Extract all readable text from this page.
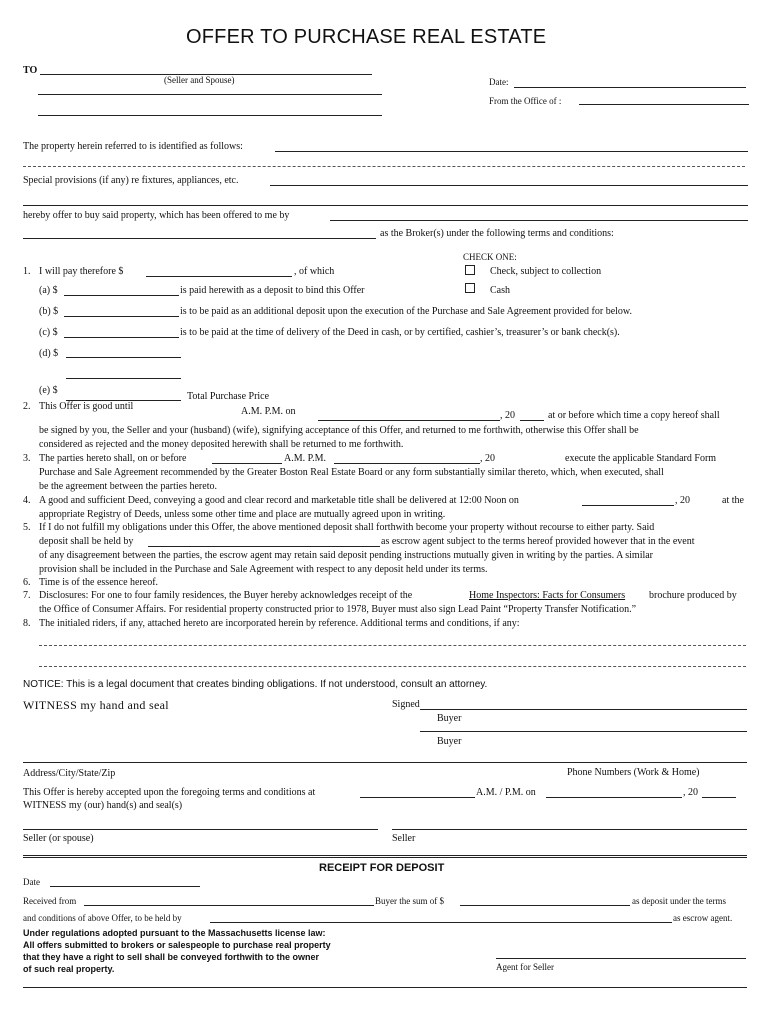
OFFER TO PURCHASE REAL ESTATE
TO
(Seller and Spouse)	Date:
From the Office of :
The property herein referred to is identified as follows:
Special provisions (if any) re fixtures, appliances, etc.
hereby offer to buy said property, which has been offered to me by
as the Broker(s) under the following terms and conditions:
CHECK ONE:
Check, subject to collection
Cash
1. I will pay therefore $	, of which
(a) $	is paid herewith as a deposit to bind this Offer
(b) $	is to be paid as an additional deposit upon the execution of the Purchase and Sale Agreement provided for below.
(c) $	is to be paid at the time of delivery of the Deed in cash, or by certified, cashier’s, treasurer’s or bank check(s).
(d) $
(e) $
Total Purchase Price
2. This Offer is good until	A.M. P.M. on	, 20	at or before which time a copy hereof shall
be signed by you, the Seller and your (husband) (wife), signifying acceptance of this Offer, and returned to me forthwith, otherwise this Offer shall be
considered as rejected and the money deposited herewith shall be returned to me forthwith.
3. The parties hereto shall, on or before	A.M. P.M.	, 20	execute the applicable Standard Form
Purchase and Sale Agreement recommended by the Greater Boston Real Estate Board or any form substantially similar thereto, which, when executed, shall
be the agreement between the parties hereto.
4. A good and sufficient Deed, conveying a good and clear record and marketable title shall be delivered at 12:00 Noon on	, 20	at the
appropriate Registry of Deeds, unless some other time and place are mutually agreed upon in writing.
5. If I do not fulfill my obligations under this Offer, the above mentioned deposit shall forthwith become your property without recourse to either party. Said
deposit shall be held by	as escrow agent subject to the terms hereof provided however that in the event
of any disagreement between the parties, the escrow agent may retain said deposit pending instructions mutually given in writing by the parties. A similar
provision shall be included in the Purchase and Sale Agreement with respect to any deposit held under its terms.
6. Time is of the essence hereof.
7. Disclosures: For one to four family residences, the Buyer hereby acknowledges receipt of the	Home Inspectors: Facts for Consumers brochure produced by
the Office of Consumer Affairs. For residential property constructed prior to 1978, Buyer must also sign Lead Paint “Property Transfer Notification.”
8. The initialed riders, if any, attached hereto are incorporated herein by reference. Additional terms and conditions, if any:
NOTICE: This is a legal document that creates binding obligations. If not understood, consult an attorney.
WITNESS my hand and seal	Signed
Buyer
Buyer
Address/City/State/Zip	Phone Numbers (Work & Home)
This Offer is hereby accepted upon the foregoing terms and conditions at	A.M. / P.M. on	, 20
WITNESS my (our) hand(s) and seal(s)
Seller (or spouse)	Seller
RECEIPT FOR DEPOSIT
Date
Received from	Buyer the sum of $	as deposit under the terms
and conditions of above Offer, to be held by	as escrow agent.
Under regulations adopted pursuant to the Massachusetts license law:
All offers submitted to brokers or salespeople to purchase real property
that they have a right to sell shall be conveyed forthwith to the owner
of such real property.	Agent for Seller
